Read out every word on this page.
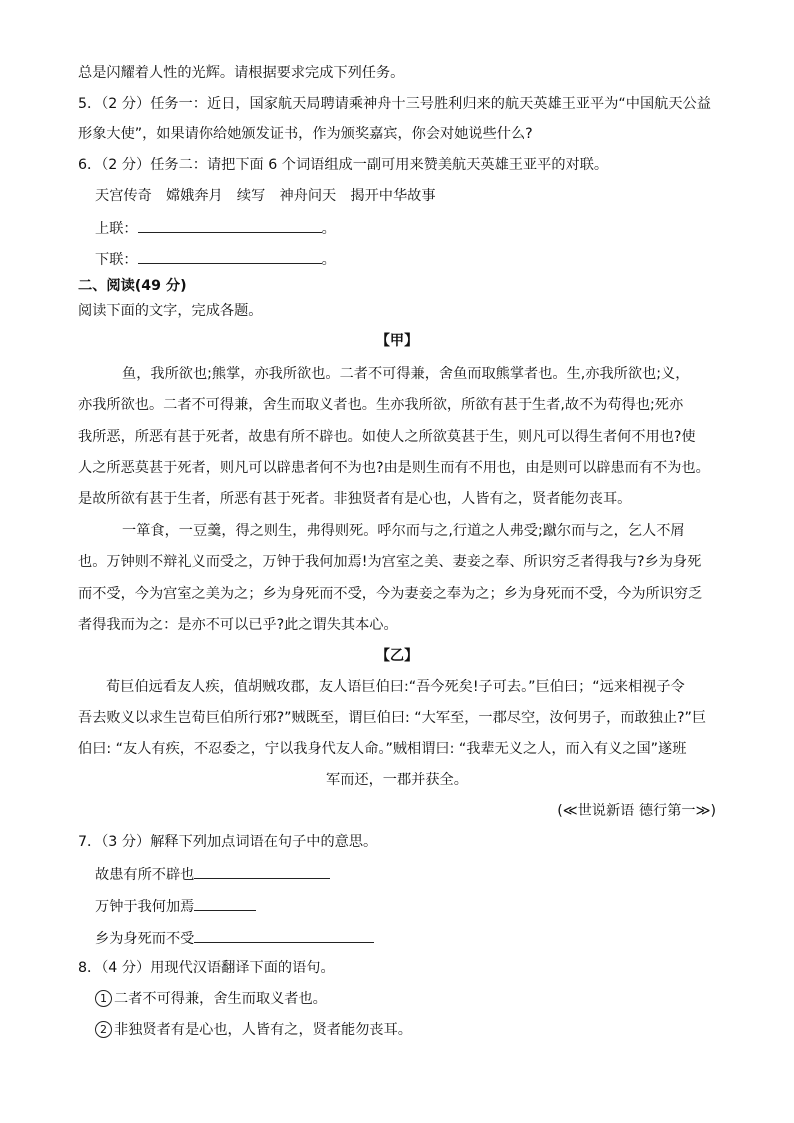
总是闪耀着人性的光辉。请根据要求完成下列任务。
5．（2 分）任务一：近日，国家航天局聘请乘神舟十三号胜利归来的航天英雄王亚平为“中国航天公益
形象大使”，如果请你给她颁发证书，作为颁奖嘉宾，你会对她说些什么?
6．（2 分）任务二：请把下面 6 个词语组成一副可用来赞美航天英雄王亚平的对联。
天宫传奇　嫦娥奔月　续写　神舟问天　揭开中华故事
上联：	。
下联：	。
二、阅读(49 分)
阅读下面的文字，完成各题。
【甲】
鱼，我所欲也;熊掌，亦我所欲也。二者不可得兼，舍鱼而取熊掌者也。生,亦我所欲也;义，
亦我所欲也。二者不可得兼，舍生而取义者也。生亦我所欲，所欲有甚于生者,故不为苟得也;死亦
我所恶，所恶有甚于死者，故患有所不辟也。如使人之所欲莫甚于生，则凡可以得生者何不用也?使
人之所恶莫甚于死者，则凡可以辟患者何不为也?由是则生而有不用也，由是则可以辟患而有不为也。
是故所欲有甚于生者，所恶有甚于死者。非独贤者有是心也，人皆有之，贤者能勿丧耳。
一箪食，一豆羹，得之则生，弗得则死。呼尔而与之,行道之人弗受;蹴尔而与之，乞人不屑
也。万钟则不辩礼义而受之，万钟于我何加焉!为宫室之美、妻妾之奉、所识穷乏者得我与?乡为身死
而不受，今为宫室之美为之；乡为身死而不受，今为妻妾之奉为之；乡为身死而不受，今为所识穷乏
者得我而为之：是亦不可以已乎?此之谓失其本心。
【乙】
荀巨伯远看友人疾，值胡贼攻郡，友人语巨伯曰:“吾今死矣!子可去。”巨伯曰；“远来相视子令
吾去败义以求生岂荀巨伯所行邪?”贼既至，谓巨伯曰: “大军至，一郡尽空，汝何男子，而敢独止?”巨
伯曰: “友人有疾，不忍委之，宁以我身代友人命。”贼相谓曰: “我辈无义之人，而入有义之国”遂班
军而还，一郡并获全。
(≪世说新语 德行第一≫)
7．（3 分）解释下列加点词语在句子中的意思。
故患有所不辟也
万钟于我何加焉
乡为身死而不受
8．（4 分）用现代汉语翻译下面的语句。
1 二者不可得兼，舍生而取义者也。
2 非独贤者有是心也，人皆有之，贤者能勿丧耳。
